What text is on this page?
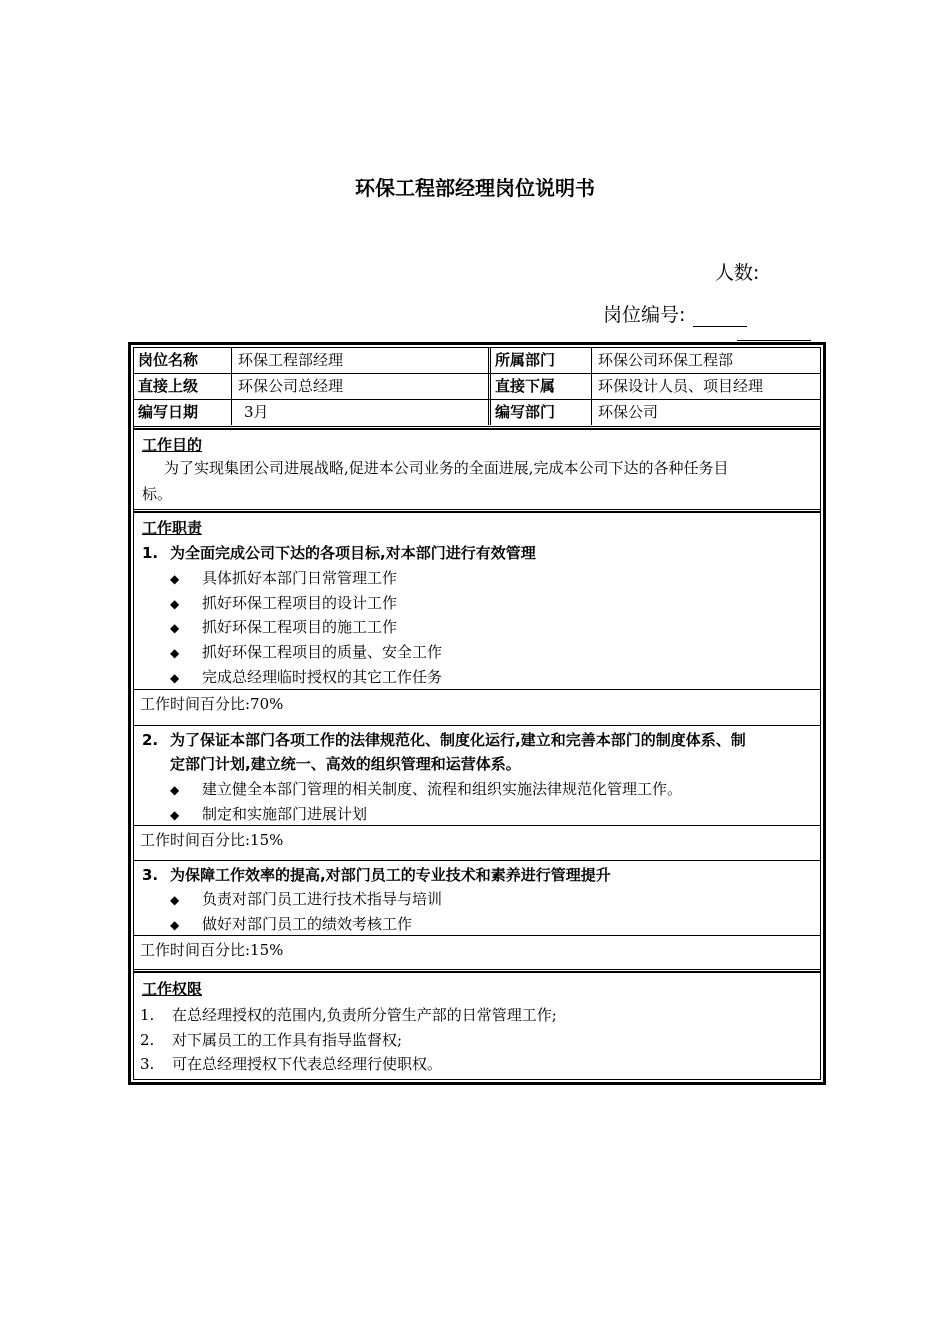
环保工程部经理岗位说明书
人数:
岗位编号:
岗位名称	环保工程部经理	所属部门	环保公司环保工程部
直接上级	环保公司总经理	直接下属	环保设计人员、项目经理
编写日期	3月	编写部门	环保公司
工作目的
为了实现集团公司进展战略,促进本公司业务的全面进展,完成本公司下达的各种任务目
标。
工作职责
1. 为全面完成公司下达的各项目标,对本部门进行有效管理
◆ 具体抓好本部门日常管理工作
◆ 抓好环保工程项目的设计工作
◆ 抓好环保工程项目的施工工作
◆ 抓好环保工程项目的质量、安全工作
◆ 完成总经理临时授权的其它工作任务
工作时间百分比:70%
2. 为了保证本部门各项工作的法律规范化、制度化运行,建立和完善本部门的制度体系、制
定部门计划,建立统一、高效的组织管理和运营体系。
◆ 建立健全本部门管理的相关制度、流程和组织实施法律规范化管理工作。
◆ 制定和实施部门进展计划
工作时间百分比:15%
3. 为保障工作效率的提高,对部门员工的专业技术和素养进行管理提升
◆ 负责对部门员工进行技术指导与培训
◆ 做好对部门员工的绩效考核工作
工作时间百分比:15%
工作权限
1. 在总经理授权的范围内,负责所分管生产部的日常管理工作;
2. 对下属员工的工作具有指导监督权;
3. 可在总经理授权下代表总经理行使职权。
